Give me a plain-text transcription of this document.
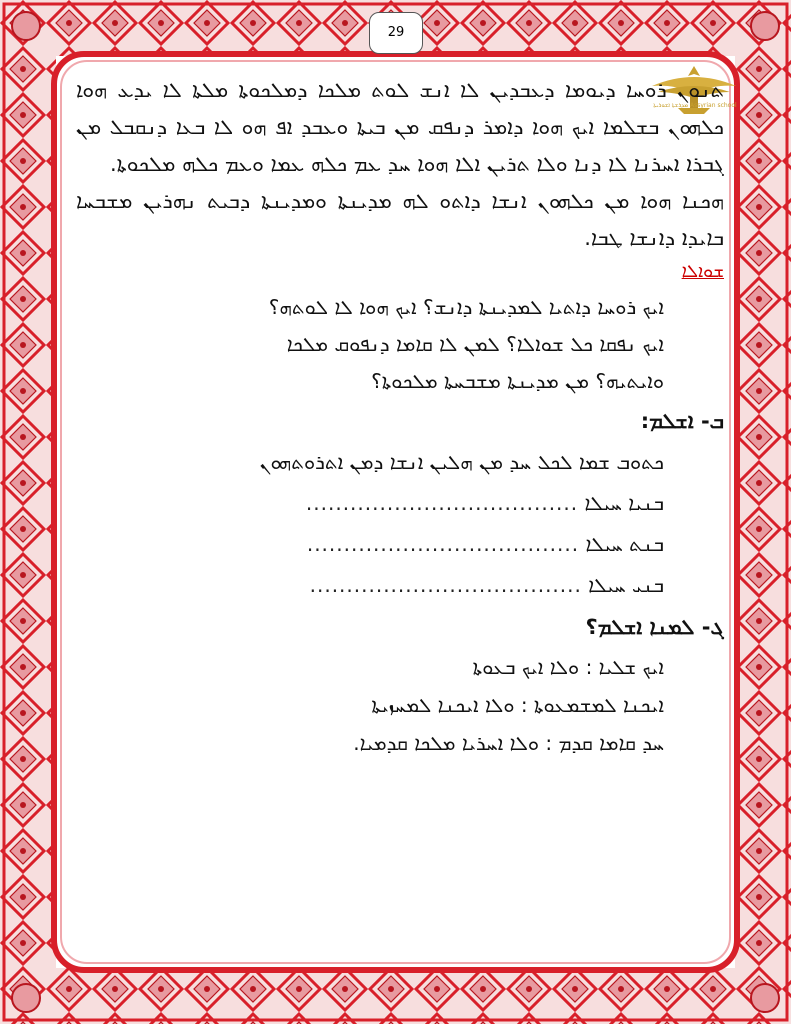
29
ܡܕܪܫܬܐ ܐܫܘܪܝܬܐ Assyrian school

ܬܢܘܢ ܪܘܚܐ ܕܝܘܡܐ ܕܥܒܕܝܢ ܠܐ ܐܢܫ ܠܘܬ ܡܠܟܐ ܕܡܠܟܘܬܐ ܡܠܬܐ ܠܐ ܝܕܥ ܗܘܐ ܟܠܗܘܢ ܒܫܠܡܐ ܐܝܟ ܗܘܐ ܕܐܡܪ ܕܢܦܩ ܡܢ ܒܝܬܐ ܘܥܒܕ ܐܦ ܗܘ ܠܐ ܒܥܐ ܕܢܩܒܠ ܡܢ ܓܒܪܐ ܐܚܪܢܐ ܠܐ ܕܢܐ ܘܠܐ ܬܪܝܢ ܐܠܐ ܗܘܐ ܚܕ ܥܡ ܟܠܗ ܥܡܐ ܘܥܡ ܟܠܗ ܡܠܟܘܬܐ.

ܗܟܢܐ ܗܘܐ ܡܢ ܟܠܗܘܢ ܐܢܫܐ ܕܐܬܘ ܠܗ ܡܕܝܢܬܐ ܘܡܕܝܢܬܐ ܕܒܝܬ ܢܗܪܝܢ ܡܫܒܚܐ ܒܐܝܕܐ ܕܐܢܫܐ ܛܒܐ.

ܫܘܐܠܐ

ܐܝܟ ܪܘܚܐ ܕܐܬܝܐ ܠܡܕܝܢܬܐ ܕܐܢܫ؟ ܐܝܟ ܗܘܐ ܠܐ ܠܘܬܗ؟

ܐܝܟ ܢܦܩܐ ܟܠ ܫܘܐܠܐ؟ ܠܡܢ ܠܐ ܩܐܡܐ ܕܢܦܘܩ ܡܠܟܐ

ܘܐܝܬܝܗ؟ ܡܢ ܡܕܝܢܬܐ ܡܫܒܚܬܐ ܡܠܟܘܬܐ؟

ܒ- ܐܫܠܡ:
ܟܬܘܒ ܫܡܐ ܠܟܠ ܚܕ ܡܢ ܗܠܝܢ ܐܢܫܐ ܕܡܢ ܐܬܪܘܬܗܘܢ
ܒܢܝܐ ܚܝܠܐ .....................................
ܒܢܬ ܚܝܠܐ .....................................
ܒܢܝ ܚܝܠܐ .....................................
ܓ- ܠܡܢܐ ܐܫܠܡ؟
ܐܝܟ ܫܠܝܐ : ܘܠܐ ܐܝܟ ܒܥܘܬܐ
ܐܝܟܢܐ ܠܡܫܡܥܘܬܐ : ܘܠܐ ܐܝܟܢܐ ܠܡܚܙܝܬܐ
ܚܕ ܩܐܡܐ ܩܕܡ : ܘܠܐ ܐܚܪܝܐ ܡܠܟܐ ܩܕܡܝܐ.
